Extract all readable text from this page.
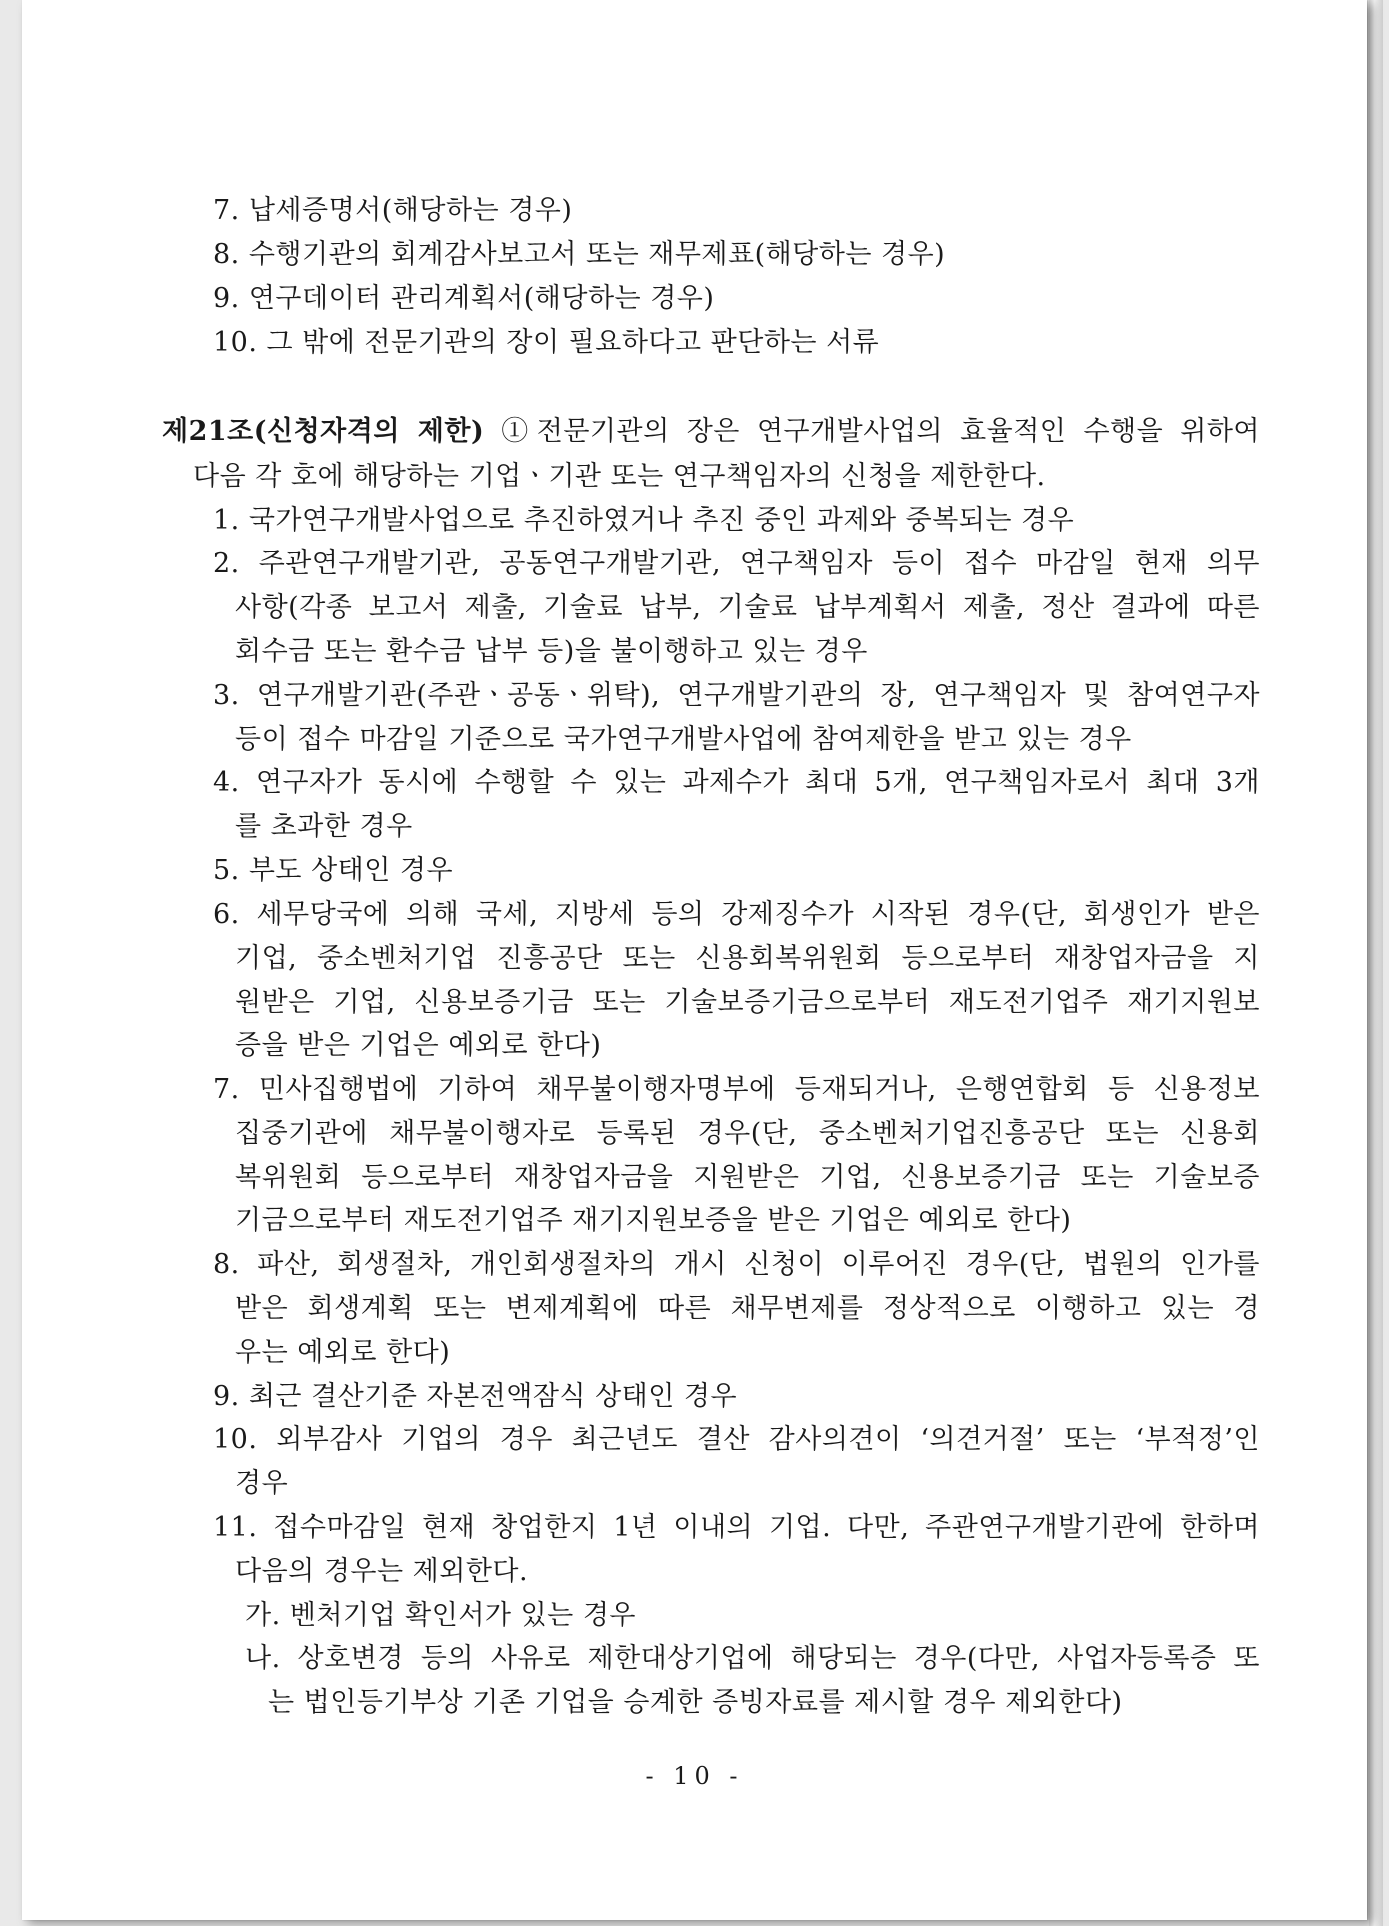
7. 납세증명서(해당하는 경우)
8. 수행기관의 회계감사보고서 또는 재무제표(해당하는 경우)
9. 연구데이터 관리계획서(해당하는 경우)
10. 그 밖에 전문기관의 장이 필요하다고 판단하는 서류
제21조(신청자격의 제한) ①전문기관의 장은 연구개발사업의 효율적인 수행을 위하여
다음 각 호에 해당하는 기업ㆍ기관 또는 연구책임자의 신청을 제한한다.
1. 국가연구개발사업으로 추진하였거나 추진 중인 과제와 중복되는 경우
2. 주관연구개발기관, 공동연구개발기관, 연구책임자 등이 접수 마감일 현재 의무
사항(각종 보고서 제출, 기술료 납부, 기술료 납부계획서 제출, 정산 결과에 따른
회수금 또는 환수금 납부 등)을 불이행하고 있는 경우
3. 연구개발기관(주관ㆍ공동ㆍ위탁), 연구개발기관의 장, 연구책임자 및 참여연구자
등이 접수 마감일 기준으로 국가연구개발사업에 참여제한을 받고 있는 경우
4. 연구자가 동시에 수행할 수 있는 과제수가 최대 5개, 연구책임자로서 최대 3개
를 초과한 경우
5. 부도 상태인 경우
6. 세무당국에 의해 국세, 지방세 등의 강제징수가 시작된 경우(단, 회생인가 받은
기업, 중소벤처기업 진흥공단 또는 신용회복위원회 등으로부터 재창업자금을 지
원받은 기업, 신용보증기금 또는 기술보증기금으로부터 재도전기업주 재기지원보
증을 받은 기업은 예외로 한다)
7. 민사집행법에 기하여 채무불이행자명부에 등재되거나, 은행연합회 등 신용정보
집중기관에 채무불이행자로 등록된 경우(단, 중소벤처기업진흥공단 또는 신용회
복위원회 등으로부터 재창업자금을 지원받은 기업, 신용보증기금 또는 기술보증
기금으로부터 재도전기업주 재기지원보증을 받은 기업은 예외로 한다)
8. 파산, 회생절차, 개인회생절차의 개시 신청이 이루어진 경우(단, 법원의 인가를
받은 회생계획 또는 변제계획에 따른 채무변제를 정상적으로 이행하고 있는 경
우는 예외로 한다)
9. 최근 결산기준 자본전액잠식 상태인 경우
10. 외부감사 기업의 경우 최근년도 결산 감사의견이 ‘의견거절’ 또는 ‘부적정’인
경우
11. 접수마감일 현재 창업한지 1년 이내의 기업. 다만, 주관연구개발기관에 한하며
다음의 경우는 제외한다.
가. 벤처기업 확인서가 있는 경우
나. 상호변경 등의 사유로 제한대상기업에 해당되는 경우(다만, 사업자등록증 또
는 법인등기부상 기존 기업을 승계한 증빙자료를 제시할 경우 제외한다)
- 10 -
